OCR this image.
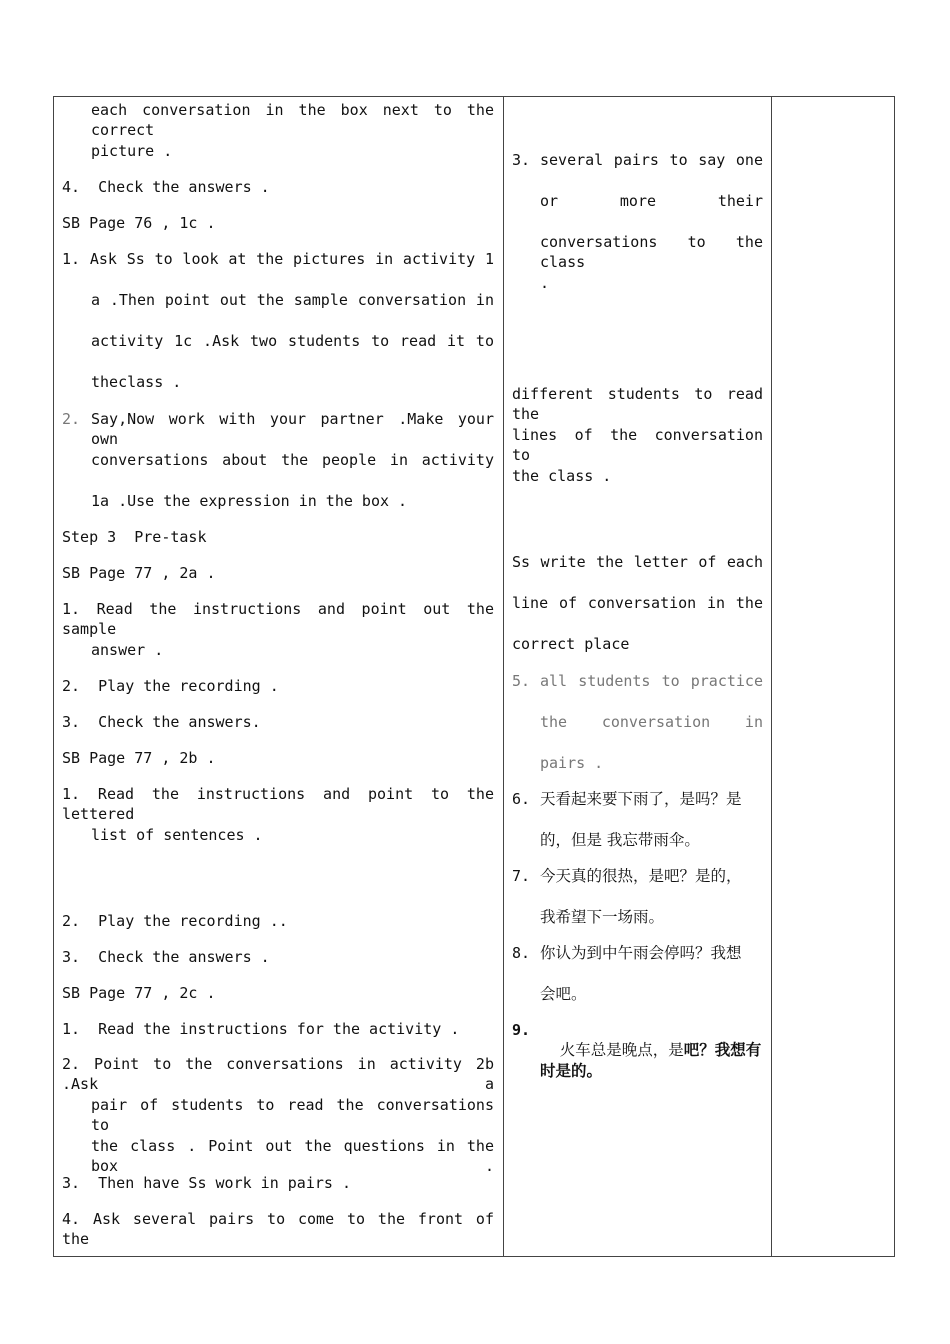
each conversation in the box next to the correct
picture .
4.  Check the answers .
SB Page 76 , 1c .
1. Ask Ss to look at the pictures in activity 1
a .Then point out the sample conversation in
activity 1c .Ask two students to read it to
theclass .
2. Say,Now work with your partner .Make your own
conversations about the people in activity
1a .Use the expression in the box .
Step 3  Pre-task
SB Page 77 , 2a .
1. Read the instructions and point out the sample
answer .
2.  Play the recording .
3.  Check the answers.
SB Page 77 , 2b .
1. Read the instructions and point to the lettered
list of sentences .
2.  Play the recording ..
3.  Check the answers .
SB Page 77 , 2c .
1.  Read the instructions for the activity .
2. Point to the conversations in activity 2b .Ask a
pair of students to read the conversations to
the class . Point out the questions in the box .
3.  Then have Ss work in pairs .
4. Ask several pairs to come to the front of the
3. several pairs to say one
or more their
conversations to the class
.
different students to read the
lines of the conversation to
the class .
Ss write the letter of each
line of conversation in the
correct place
5. all students to practice
the conversation in
pairs .
6. 天看起来要下雨了，是吗？是
的，但是 我忘带雨伞。
7. 今天真的很热，是吧？是的，
我希望下一场雨。
8. 你认为到中午雨会停吗？我想
会吧。
9.

火车总是晚点，是吧？我想有

时是的。
